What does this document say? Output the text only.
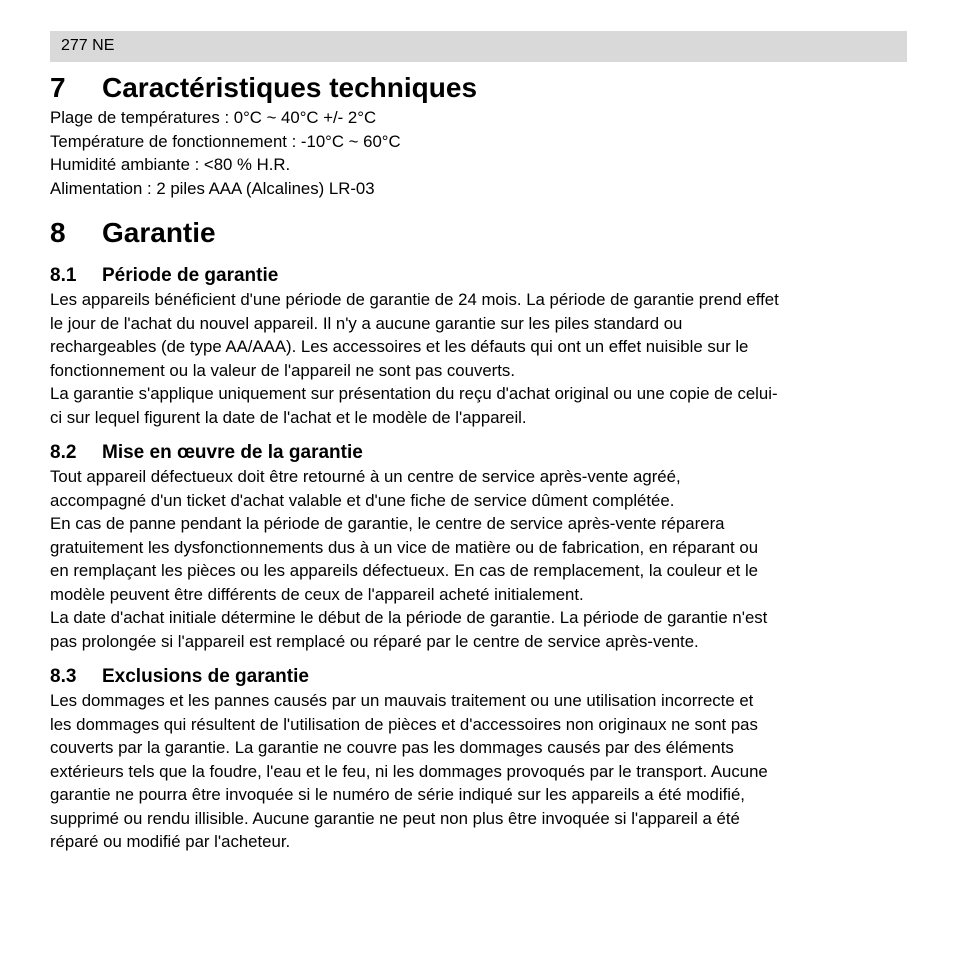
277 NE
7	Caractéristiques techniques
Plage de températures : 0°C ~ 40°C +/- 2°C
Température de fonctionnement : -10°C ~ 60°C
Humidité ambiante : <80 % H.R.
Alimentation : 2 piles AAA (Alcalines) LR-03
8	Garantie
8.1	Période de garantie
Les appareils bénéficient d'une période de garantie de 24 mois. La période de garantie prend effet
le jour de l'achat du nouvel appareil. Il n'y a aucune garantie sur les piles standard ou
rechargeables (de type AA/AAA). Les accessoires et les défauts qui ont un effet nuisible sur le
fonctionnement ou la valeur de l'appareil ne sont pas couverts.
La garantie s'applique uniquement sur présentation du reçu d'achat original ou une copie de celui-
ci sur lequel figurent la date de l'achat et le modèle de l'appareil.
8.2	Mise en œuvre de la garantie
Tout appareil défectueux doit être retourné à un centre de service après-vente agréé,
accompagné d'un ticket d'achat valable et d'une fiche de service dûment complétée.
En cas de panne pendant la période de garantie, le centre de service après-vente réparera
gratuitement les dysfonctionnements dus à un vice de matière ou de fabrication, en réparant ou
en remplaçant les pièces ou les appareils défectueux. En cas de remplacement, la couleur et le
modèle peuvent être différents de ceux de l'appareil acheté initialement.
La date d'achat initiale détermine le début de la période de garantie. La période de garantie n'est
pas prolongée si l'appareil est remplacé ou réparé par le centre de service après-vente.
8.3	Exclusions de garantie
Les dommages et les pannes causés par un mauvais traitement ou une utilisation incorrecte et
les dommages qui résultent de l'utilisation de pièces et d'accessoires non originaux ne sont pas
couverts par la garantie. La garantie ne couvre pas les dommages causés par des éléments
extérieurs tels que la foudre, l'eau et le feu, ni les dommages provoqués par le transport. Aucune
garantie ne pourra être invoquée si le numéro de série indiqué sur les appareils a été modifié,
supprimé ou rendu illisible. Aucune garantie ne peut non plus être invoquée si l'appareil a été
réparé ou modifié par l'acheteur.
